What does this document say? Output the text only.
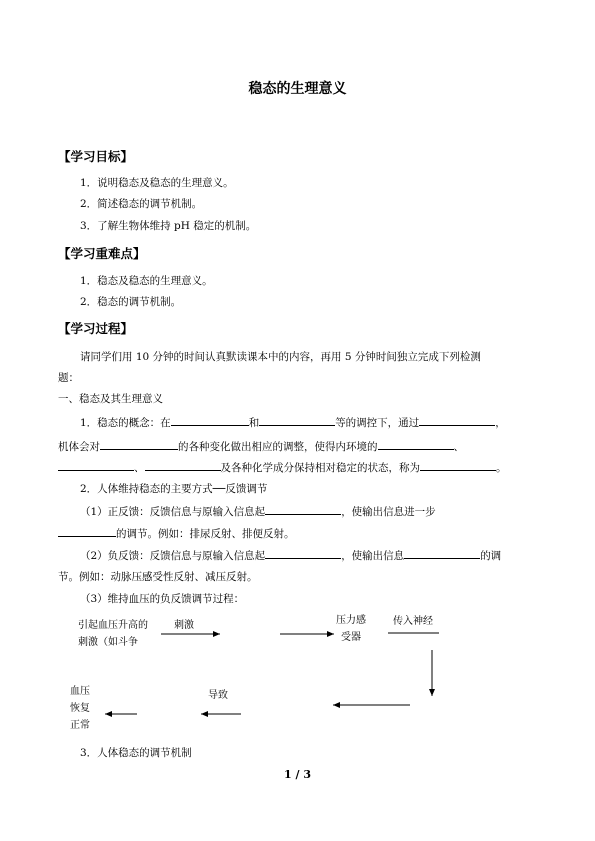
稳态的生理意义
【学习目标】
1．说明稳态及稳态的生理意义。
2．简述稳态的调节机制。
3．了解生物体维持 pH 稳定的机制。
【学习重难点】
1．稳态及稳态的生理意义。
2．稳态的调节机制。
【学习过程】
请同学们用 10 分钟的时间认真默读课本中的内容，再用 5 分钟时间独立完成下列检测
题：
一、稳态及其生理意义
1．稳态的概念：在	和	等的调控下，通过	，
机体会对	的各种变化做出相应的调整，使得内环境的	、
、	及各种化学成分保持相对稳定的状态，称为	。
2．人体维持稳态的主要方式──反馈调节
（1）正反馈：反馈信息与原输入信息起	，使输出信息进一步
的调节。例如：排尿反射、排便反射。
（2）负反馈：反馈信息与原输入信息起	，使输出信息	的调
节。例如：动脉压感受性反射、减压反射。
（3）维持血压的负反馈调节过程：
引起血压升高的
刺激（如斗争
刺激	压力感
受器
传入神经
导致
血压
恢复
正常
3．人体稳态的调节机制
1 / 3
